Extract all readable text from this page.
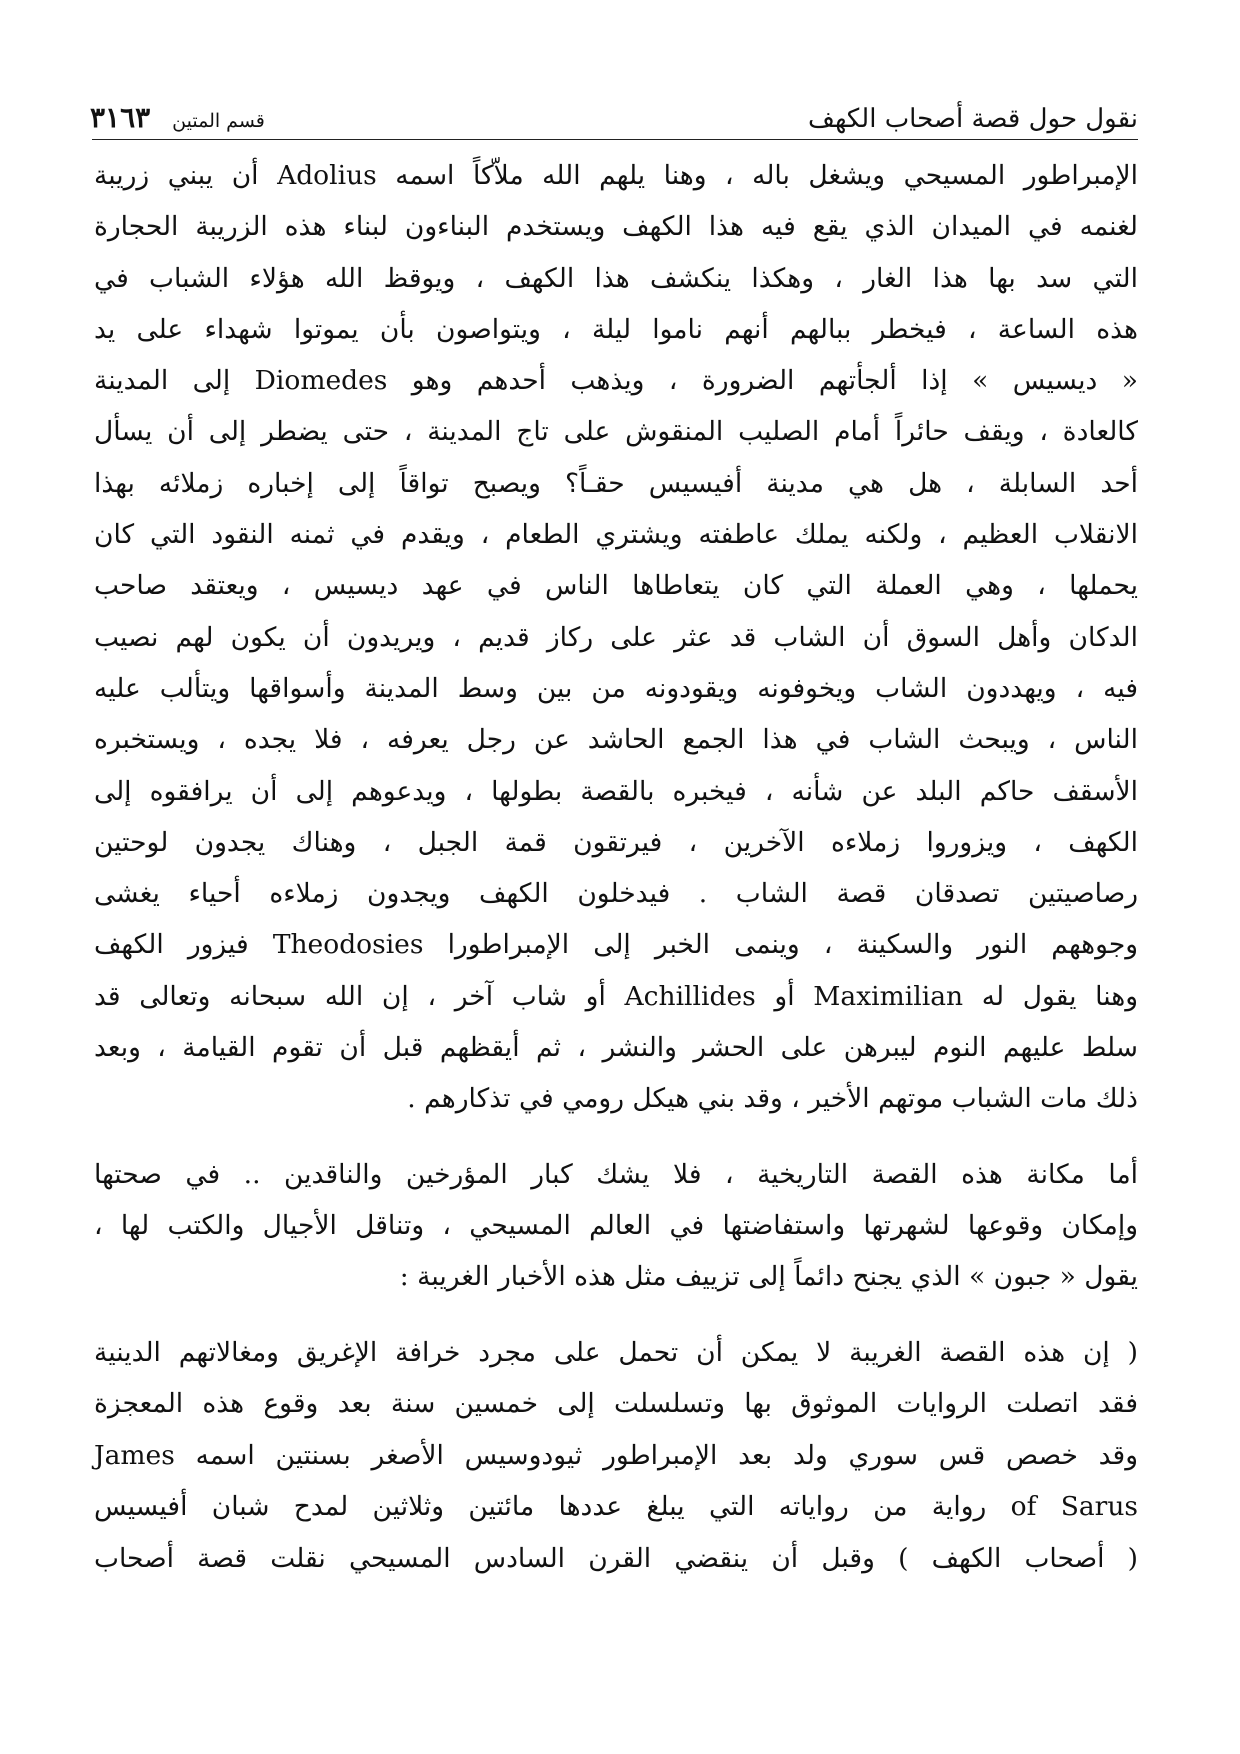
نقول حول قصة أصحاب الكهف
قسم المتين
٣١٦٣
الإمبراطور المسيحي ويشغل باله ، وهنا يلهم الله ملاّكاً اسمه Adolius أن يبني زريبة
لغنمه في الميدان الذي يقع فيه هذا الكهف ويستخدم البناءون لبناء هذه الزريبة الحجارة
التي سد بها هذا الغار ، وهكذا ينكشف هذا الكهف ، ويوقظ الله هؤلاء الشباب في
هذه الساعة ، فيخطر ببالهم أنهم ناموا ليلة ، ويتواصون بأن يموتوا شهداء على يد
« ديسيس » إذا ألجأتهم الضرورة ، ويذهب أحدهم وهو Diomedes إلى المدينة
كالعادة ، ويقف حائراً أمام الصليب المنقوش على تاج المدينة ، حتى يضطر إلى أن يسأل
أحد السابلة ، هل هي مدينة أفيسيس حقـاً؟ ويصبح تواقاً إلى إخباره زملائه بهذا
الانقلاب العظيم ، ولكنه يملك عاطفته ويشتري الطعام ، ويقدم في ثمنه النقود التي كان
يحملها ، وهي العملة التي كان يتعاطاها الناس في عهد ديسيس ، ويعتقد صاحب
الدكان وأهل السوق أن الشاب قد عثر على ركاز قديم ، ويريدون أن يكون لهم نصيب
فيه ، ويهددون الشاب ويخوفونه ويقودونه من بين وسط المدينة وأسواقها ويتألب عليه
الناس ، ويبحث الشاب في هذا الجمع الحاشد عن رجل يعرفه ، فلا يجده ، ويستخبره
الأسقف حاكم البلد عن شأنه ، فيخبره بالقصة بطولها ، ويدعوهم إلى أن يرافقوه إلى
الكهف ، ويزوروا زملاءه الآخرين ، فيرتقون قمة الجبل ، وهناك يجدون لوحتين
رصاصيتين تصدقان قصة الشاب . فيدخلون الكهف ويجدون زملاءه أحياء يغشى
وجوههم النور والسكينة ، وينمى الخبر إلى الإمبراطورا Theodosies فيزور الكهف
وهنا يقول له Maximilian أو Achillides أو شاب آخر ، إن الله سبحانه وتعالى قد
سلط عليهم النوم ليبرهن على الحشر والنشر ، ثم أيقظهم قبل أن تقوم القيامة ، وبعد
ذلك مات الشباب موتهم الأخير ، وقد بني هيكل رومي في تذكارهم .
أما مكانة هذه القصة التاريخية ، فلا يشك كبار المؤرخين والناقدين .. في صحتها
وإمكان وقوعها لشهرتها واستفاضتها في العالم المسيحي ، وتناقل الأجيال والكتب لها ،
يقول « جبون » الذي يجنح دائماً إلى تزييف مثل هذه الأخبار الغريبة :
( إن هذه القصة الغريبة لا يمكن أن تحمل على مجرد خرافة الإغريق ومغالاتهم الدينية
فقد اتصلت الروايات الموثوق بها وتسلسلت إلى خمسين سنة بعد وقوع هذه المعجزة
وقد خصص قس سوري ولد بعد الإمبراطور ثيودوسيس الأصغر بسنتين اسمه James
of Sarus رواية من رواياته التي يبلغ عددها مائتين وثلاثين لمدح شبان أفيسيس
( أصحاب الكهف ) وقبل أن ينقضي القرن السادس المسيحي نقلت قصة أصحاب
